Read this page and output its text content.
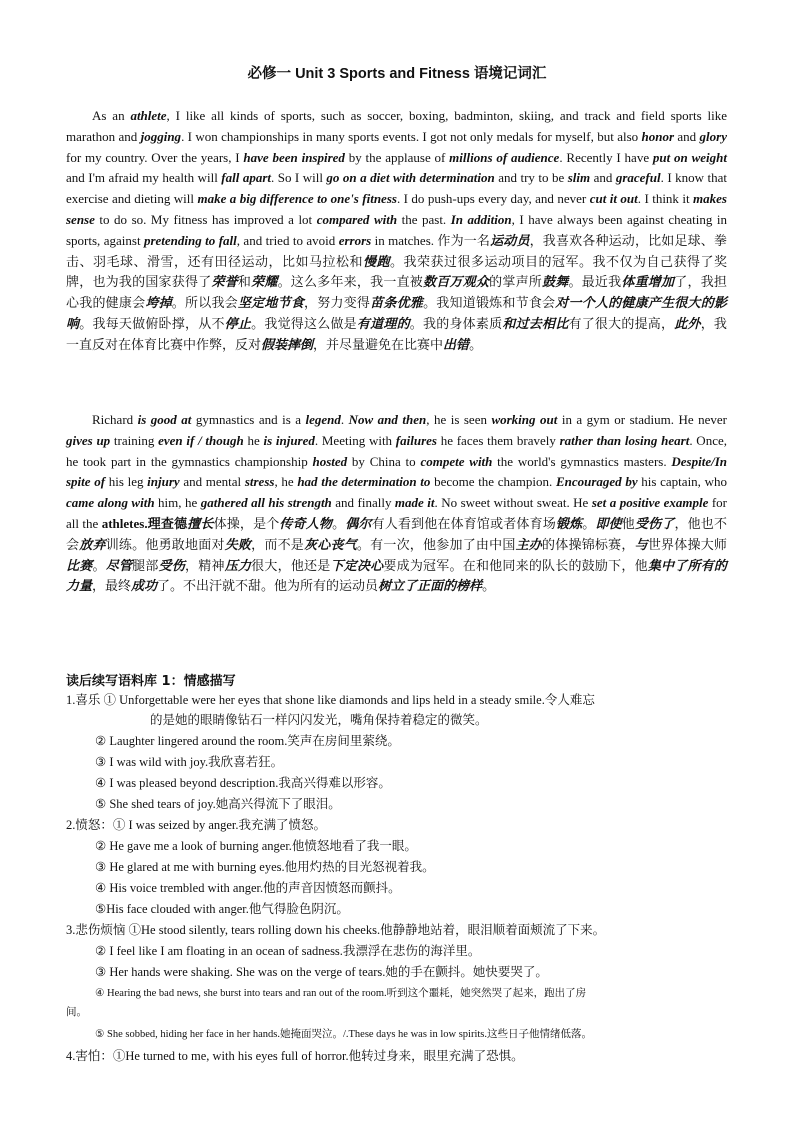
必修一 Unit 3 Sports and Fitness 语境记词汇

As an athlete, I like all kinds of sports, such as soccer, boxing, badminton, skiing, and track and field sports like marathon and jogging. I won championships in many sports events. I got not only medals for myself, but also honor and glory for my country. Over the years, I have been inspired by the applause of millions of audience. Recently I have put on weight and I'm afraid my health will fall apart. So I will go on a diet with determination and try to be slim and graceful. I know that exercise and dieting will make a big difference to one's fitness. I do push-ups every day, and never cut it out. I think it makes sense to do so. My fitness has improved a lot compared with the past. In addition, I have always been against cheating in sports, against pretending to fall, and tried to avoid errors in matches. 作为一名运动员，我喜欢各种运动，比如足球、拳击、羽毛球、滑雪，还有田径运动，比如马拉松和慢跑。我荣获过很多运动项目的冠军。我不仅为自己获得了奖牌，也为我的国家获得了荣誉和荣耀。这么多年来，我一直被数百万观众的掌声所鼓舞。最近我体重增加了，我担心我的健康会垮掉。所以我会坚定地节食，努力变得苗条优雅。我知道锻炼和节食会对一个人的健康产生很大的影响。我每天做俯卧撑，从不停止。我觉得这么做是有道理的。我的身体素质和过去相比有了很大的提高，此外，我一直反对在体育比赛中作弊，反对假装摔倒，并尽量避免在比赛中出错。

Richard is good at gymnastics and is a legend. Now and then, he is seen working out in a gym or stadium. He never gives up training even if / though he is injured. Meeting with failures he faces them bravely rather than losing heart. Once, he took part in the gymnastics championship hosted by China to compete with the world's gymnastics masters. Despite/In spite of his leg injury and mental stress, he had the determination to become the champion. Encouraged by his captain, who came along with him, he gathered all his strength and finally made it. No sweet without sweat. He set a positive example for all the athletes.理查德擅长体操，是个传奇人物。偶尔有人看到他在体育馆或者体育场锻炼。即使他受伤了，他也不会放弃训练。他勇敢地面对失败，而不是灰心丧气。有一次，他参加了由中国主办的体操锦标赛，与世界体操大师比赛。尽管腿部受伤，精神压力很大，他还是下定决心要成为冠军。在和他同来的队长的鼓励下，他集中了所有的力量，最终成功了。不出汗就不甜。他为所有的运动员树立了正面的榜样。

读后续写语料库 1：情感描写
1.喜乐 ① Unforgettable were her eyes that shone like diamonds and lips held in a steady smile.令人难忘
的是她的眼睛像钻石一样闪闪发光，嘴角保持着稳定的微笑。
② Laughter lingered around the room.笑声在房间里萦绕。
③ I was wild with joy.我欣喜若狂。
④ I was pleased beyond description.我高兴得难以形容。
⑤ She shed tears of joy.她高兴得流下了眼泪。
2.愤怒：① I was seized by anger.我充满了愤怒。
② He gave me a look of burning anger.他愤怒地看了我一眼。
③ He glared at me with burning eyes.他用灼热的目光怒视着我。
④ His voice trembled with anger.他的声音因愤怒而颤抖。
⑤His face clouded with anger.他气得脸色阴沉。
3.悲伤烦恼 ①He stood silently, tears rolling down his cheeks.他静静地站着，眼泪顺着面颊流了下来。
② I feel like I am floating in an ocean of sadness.我漂浮在悲伤的海洋里。
③ Her hands were shaking. She was on the verge of tears.她的手在颤抖。她快要哭了。
④ Hearing the bad news, she burst into tears and ran out of the room.听到这个噩耗，她突然哭了起来，跑出了房
间。
⑤ She sobbed, hiding her face in her hands.她掩面哭泣。/.These days he was in low spirits.这些日子他情绪低落。
4.害怕：①He turned to me, with his eyes full of horror.他转过身来，眼里充满了恐惧。
